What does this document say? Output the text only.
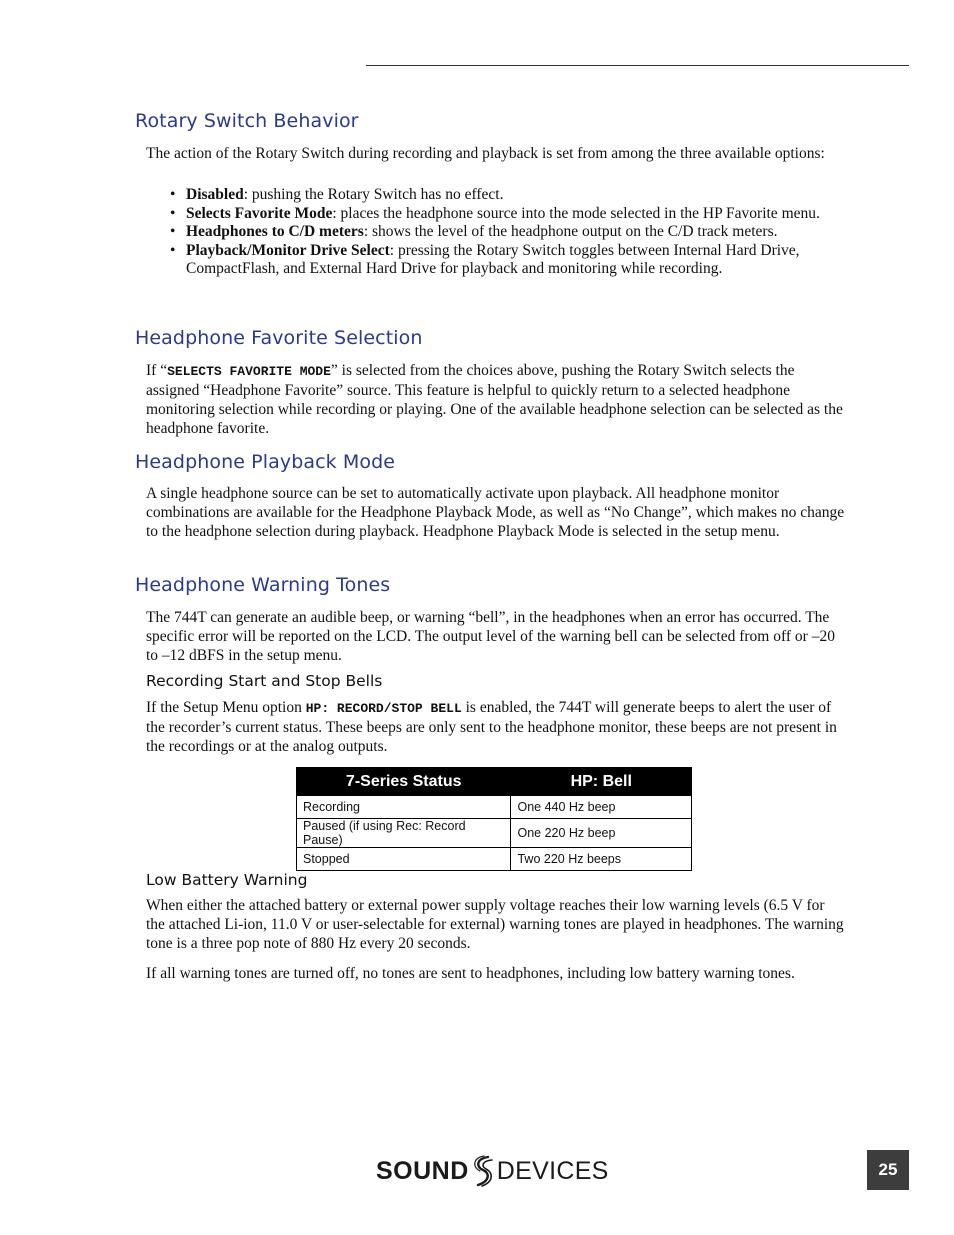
Rotary Switch Behavior

The action of the Rotary Switch during recording and playback is set from among the three available options:

• Disabled: pushing the Rotary Switch has no effect.
• Selects Favorite Mode: places the headphone source into the mode selected in the HP Favorite menu.
• Headphones to C/D meters: shows the level of the headphone output on the C/D track meters.
• Playback/Monitor Drive Select: pressing the Rotary Switch toggles between Internal Hard Drive, CompactFlash, and External Hard Drive for playback and monitoring while recording.
Headphone Favorite Selection

If “SELECTS FAVORITE MODE” is selected from the choices above, pushing the Rotary Switch selects the assigned “Headphone Favorite” source. This feature is helpful to quickly return to a selected headphone monitoring selection while recording or playing. One of the available headphone selection can be selected as the headphone favorite.

Headphone Playback Mode

A single headphone source can be set to automatically activate upon playback. All headphone monitor combinations are available for the Headphone Playback Mode, as well as “No Change”, which makes no change to the headphone selection during playback. Headphone Playback Mode is selected in the setup menu.

Headphone Warning Tones

The 744T can generate an audible beep, or warning “bell”, in the headphones when an error has occurred. The specific error will be reported on the LCD. The output level of the warning bell can be selected from off or –20 to –12 dBFS in the setup menu.

Recording Start and Stop Bells

If the Setup Menu option HP: RECORD/STOP BELL is enabled, the 744T will generate beeps to alert the user of the recorder’s current status. These beeps are only sent to the headphone monitor, these beeps are not present in the recordings or at the analog outputs.

7-Series Status	HP: Bell
Recording	One 440 Hz beep
Paused (if using Rec: Record Pause)	One 220 Hz beep
Stopped	Two 220 Hz beeps
Low Battery Warning

When either the attached battery or external power supply voltage reaches their low warning levels (6.5 V for the attached Li-ion, 11.0 V or user-selectable for external) warning tones are played in headphones. The warning tone is a three pop note of 880 Hz every 20 seconds.

If all warning tones are turned off, no tones are sent to headphones, including low battery warning tones.

SOUND DEVICES	25
